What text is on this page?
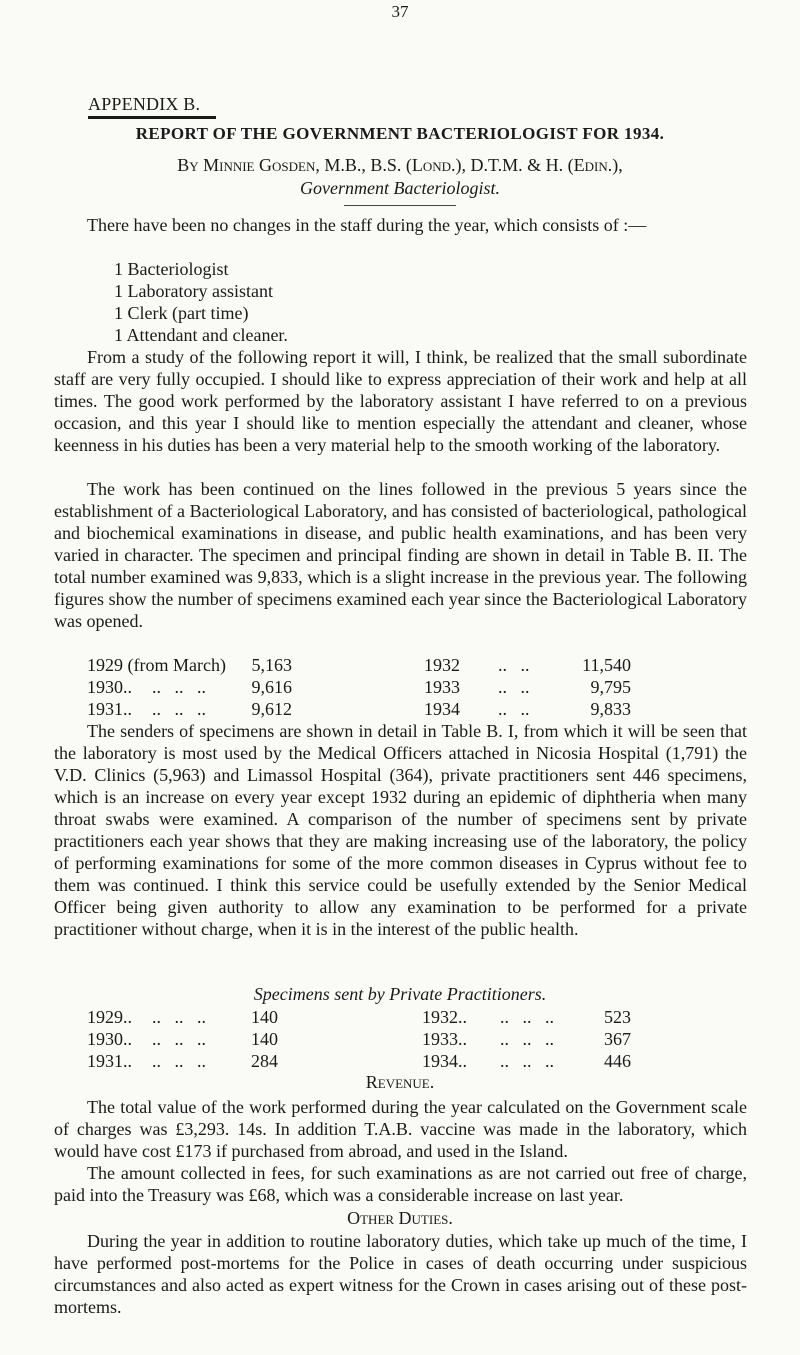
37
APPENDIX B.
REPORT OF THE GOVERNMENT BACTERIOLOGIST FOR 1934.
By Minnie Gosden, M.B., B.S. (Lond.), D.T.M. & H. (Edin.),
Government Bacteriologist.

There have been no changes in the staff during the year, which consists of :—

1 Bacteriologist
1 Laboratory assistant
1 Clerk (part time)
1 Attendant and cleaner.

From a study of the following report it will, I think, be realized that the small subordinate staff are very fully occupied. I should like to express appreciation of their work and help at all times. The good work performed by the laboratory assistant I have referred to on a previous occasion, and this year I should like to mention especially the attendant and cleaner, whose keenness in his duties has been a very material help to the smooth working of the laboratory.

The work has been continued on the lines followed in the previous 5 years since the establishment of a Bacteriological Laboratory, and has consisted of bacteriological, pathological and biochemical examinations in disease, and public health examinations, and has been very varied in character. The specimen and principal finding are shown in detail in Table B. II. The total number examined was 9,833, which is a slight increase in the previous year. The following figures show the number of specimens examined each year since the Bacteriological Laboratory was opened.

1929 (from March)	5,163	1932 ..   ..	11,540
1930.. ..   ..   ..	9,616	1933 ..   ..	9,795
1931.. ..   ..   ..	9,612	1934 ..   ..	9,833

The senders of specimens are shown in detail in Table B. I, from which it will be seen that the laboratory is most used by the Medical Officers attached in Nicosia Hospital (1,791) the V.D. Clinics (5,963) and Limassol Hospital (364), private practitioners sent 446 specimens, which is an increase on every year except 1932 during an epidemic of diphtheria when many throat swabs were examined. A comparison of the number of specimens sent by private practitioners each year shows that they are making increasing use of the laboratory, the policy of performing examinations for some of the more common diseases in Cyprus without fee to them was continued. I think this service could be usefully extended by the Senior Medical Officer being given authority to allow any examination to be performed for a private practitioner without charge, when it is in the interest of the public health.

Specimens sent by Private Practitioners.
1929.. ..   ..   ..	140	1932.. ..   ..   ..	523
1930.. ..   ..   ..	140	1933.. ..   ..   ..	367
1931.. ..   ..   ..	284	1934.. ..   ..   ..	446
Revenue.

The total value of the work performed during the year calculated on the Government scale of charges was £3,293. 14s. In addition T.A.B. vaccine was made in the laboratory, which would have cost £173 if purchased from abroad, and used in the Island.

The amount collected in fees, for such examinations as are not carried out free of charge, paid into the Treasury was £68, which was a considerable increase on last year.

Other Duties.

During the year in addition to routine laboratory duties, which take up much of the time, I have performed post-mortems for the Police in cases of death occurring under suspicious circumstances and also acted as expert witness for the Crown in cases arising out of these post-mortems.
